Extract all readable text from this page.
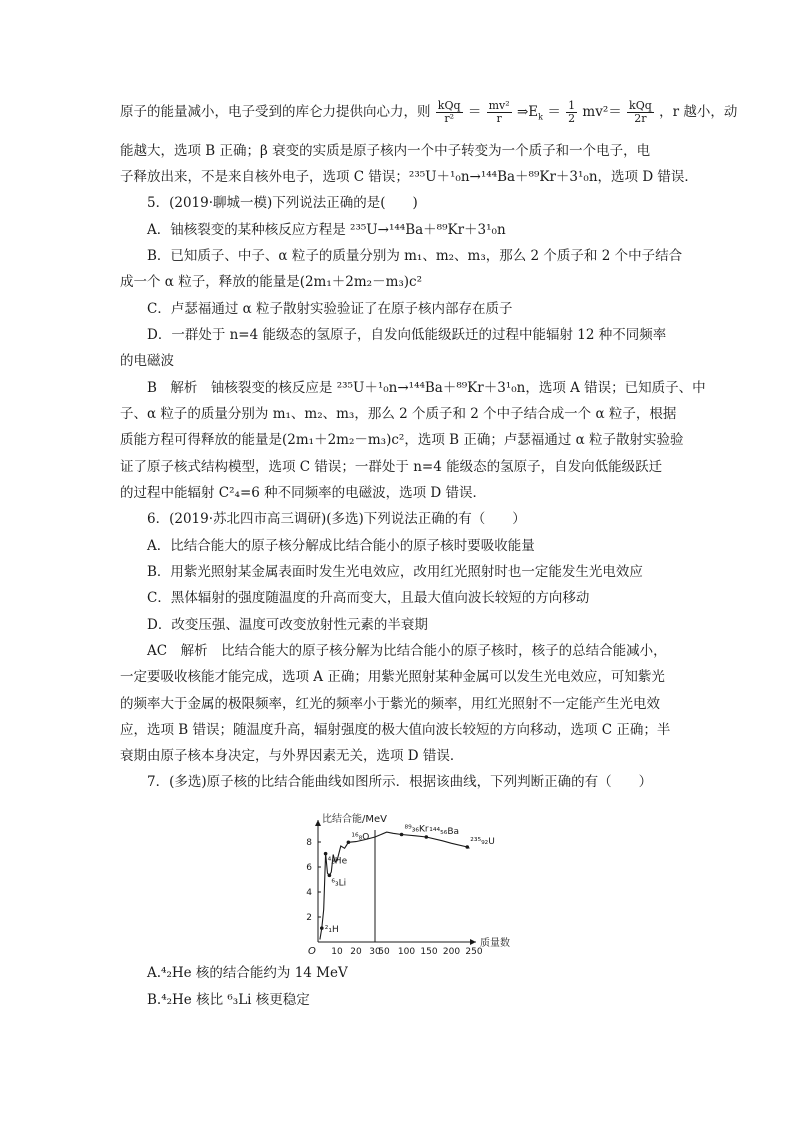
原子的能量减小，电子受到的库仑力提供向心力，则 $\frac{\text{kQq}}{\text{r²}} = \frac{\text{mv²}}{r}$ $\Rightarrow E_k = \frac{1}{2} mv^2= \frac{\text{kQq}}{2r}$ ，r 越小，动
能越大，选项 B 正确；β 衰变的实质是原子核内一个中子转变为一个质子和一个电子，电
子释放出来，不是来自核外电子，选项 C 错误；²³⁵U＋¹₀n→¹⁴⁴Ba＋⁸⁹Kr＋3¹₀n，选项 D 错误．
5．(2019·聊城一模)下列说法正确的是(　　)
A．铀核裂变的某种核反应方程是 ²³⁵U→¹⁴⁴Ba＋⁸⁹Kr＋3¹₀n
B．已知质子、中子、α 粒子的质量分别为 m₁、m₂、m₃，那么 2 个质子和 2 个中子结合
成一个 α 粒子，释放的能量是(2m₁＋2m₂－m₃)c²
C．卢瑟福通过 α 粒子散射实验验证了在原子核内部存在质子
D．一群处于 n=4 能级态的氢原子，自发向低能级跃迁的过程中能辐射 12 种不同频率
的电磁波
B　解析　铀核裂变的核反应是 ²³⁵U＋¹₀n→¹⁴⁴Ba＋⁸⁹Kr＋3¹₀n，选项 A 错误；已知质子、中
子、α 粒子的质量分别为 m₁、m₂、m₃，那么 2 个质子和 2 个中子结合成一个 α 粒子，根据
质能方程可得释放的能量是(2m₁＋2m₂－m₃)c²，选项 B 正确；卢瑟福通过 α 粒子散射实验验
证了原子核式结构模型，选项 C 错误；一群处于 n=4 能级态的氢原子，自发向低能级跃迁
的过程中能辐射 C²₄=6 种不同频率的电磁波，选项 D 错误．
6．(2019·苏北四市高三调研)(多选)下列说法正确的有（　　）
A．比结合能大的原子核分解成比结合能小的原子核时要吸收能量
B．用紫光照射某金属表面时发生光电效应，改用红光照射时也一定能发生光电效应
C．黑体辐射的强度随温度的升高而变大，且最大值向波长较短的方向移动
D．改变压强、温度可改变放射性元素的半衰期
AC　解析　比结合能大的原子核分解为比结合能小的原子核时，核子的总结合能减小，
一定要吸收核能才能完成，选项 A 正确；用紫光照射某种金属可以发生光电效应，可知紫光
的频率大于金属的极限频率，红光的频率小于紫光的频率，用红光照射不一定能产生光电效
应，选项 B 错误；随温度升高，辐射强度的极大值向波长较短的方向移动，选项 C 正确；半
衰期由原子核本身决定，与外界因素无关，选项 D 错误．
7．(多选)原子核的比结合能曲线如图所示．根据该曲线，下列判断正确的有（　　）
比结合能/MeV
质量数
O 10 20 30
50 100 150 200 250
2
4
6
8
⁴₂He
¹⁶₈O
⁸⁹₃₆Kr ¹⁴⁴₅₆Ba
²³⁵₉₂U
⁶₃Li
²₁H
A.⁴₂He 核的结合能约为 14 MeV
B.⁴₂He 核比 ⁶₃Li 核更稳定
